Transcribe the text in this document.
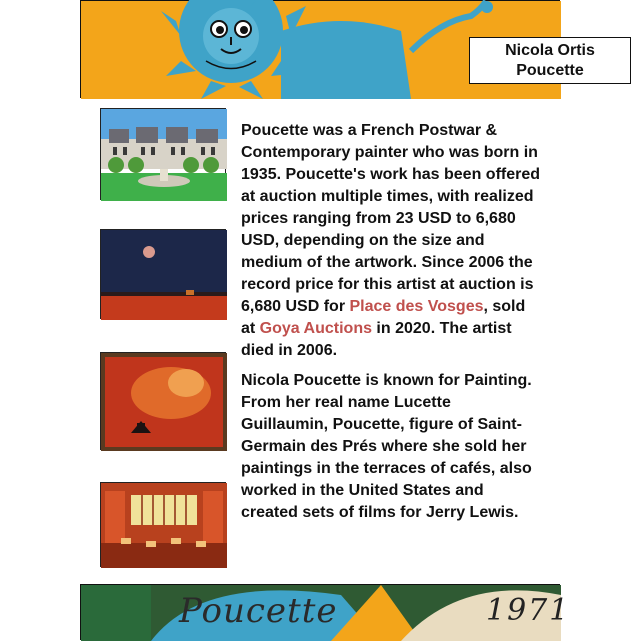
Nicola Ortis
Poucette

Poucette was a French Postwar & Contemporary painter who was born in 1935. Poucette's work has been offered at auction multiple times, with realized prices ranging from 23 USD to 6,680 USD, depending on the size and medium of the artwork. Since 2006 the record price for this artist at auction is 6,680 USD for Place des Vosges, sold at Goya Auctions in 2020. The artist died in 2006.

Nicola Poucette is known for Painting. From her real name Lucette Guillaumin, Poucette, figure of Saint-Germain des Prés where she sold her paintings in the terraces of cafés, also worked in the United States and created sets of films for Jerry Lewis.

Poucette	1971
